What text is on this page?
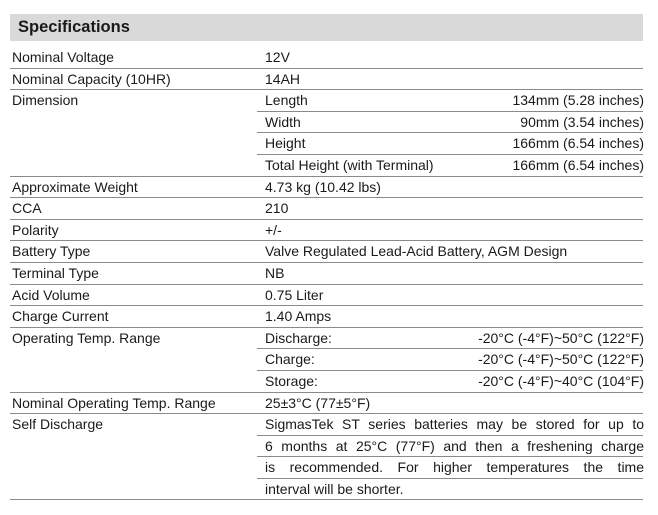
Specifications
Nominal Voltage	12V
Nominal Capacity (10HR)	14AH
Dimension	Length	134mm (5.28 inches)
Width	90mm (3.54 inches)
Height	166mm (6.54 inches)
Total Height (with Terminal)	166mm (6.54 inches)
Approximate Weight	4.73 kg (10.42 lbs)
CCA	210
Polarity	+/-
Battery Type	Valve Regulated Lead-Acid Battery, AGM Design
Terminal Type	NB
Acid Volume	0.75 Liter
Charge Current	1.40 Amps
Operating Temp. Range	Discharge:	-20°C (-4°F)~50°C (122°F)
Charge:	-20°C (-4°F)~50°C (122°F)
Storage:	-20°C (-4°F)~40°C (104°F)
Nominal Operating Temp. Range	25±3°C (77±5°F)
Self Discharge	SigmasTek ST series batteries may be stored for up to
6 months at 25°C (77°F) and then a freshening charge
is recommended. For higher temperatures the time
interval will be shorter.
